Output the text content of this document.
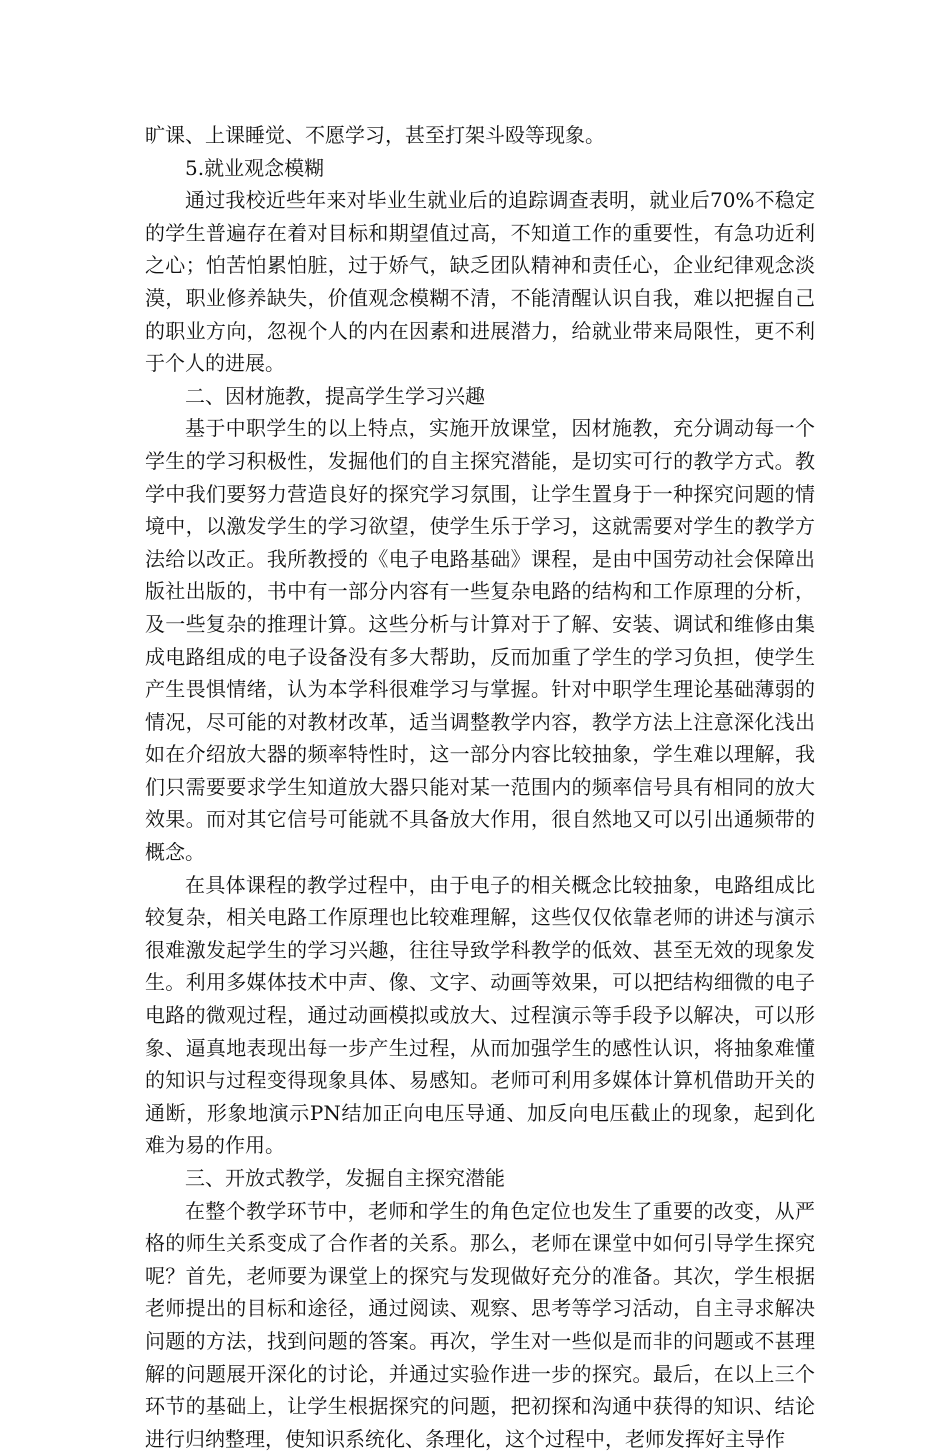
旷课、上课睡觉、不愿学习，甚至打架斗殴等现象。

5.就业观念模糊

通过我校近些年来对毕业生就业后的追踪调查表明，就业后70%不稳定的学生普遍存在着对目标和期望值过高，不知道工作的重要性，有急功近利之心；怕苦怕累怕脏，过于娇气，缺乏团队精神和责任心，企业纪律观念淡漠，职业修养缺失，价值观念模糊不清，不能清醒认识自我，难以把握自己的职业方向，忽视个人的内在因素和进展潜力，给就业带来局限性，更不利于个人的进展。

二、因材施教，提高学生学习兴趣

基于中职学生的以上特点，实施开放课堂，因材施教，充分调动每一个学生的学习积极性，发掘他们的自主探究潜能，是切实可行的教学方式。教学中我们要努力营造良好的探究学习氛围，让学生置身于一种探究问题的情境中，以激发学生的学习欲望，使学生乐于学习，这就需要对学生的教学方法给以改正。我所教授的《电子电路基础》课程，是由中国劳动社会保障出版社出版的，书中有一部分内容有一些复杂电路的结构和工作原理的分析，及一些复杂的推理计算。这些分析与计算对于了解、安装、调试和维修由集成电路组成的电子设备没有多大帮助，反而加重了学生的学习负担，使学生产生畏惧情绪，认为本学科很难学习与掌握。针对中职学生理论基础薄弱的情况，尽可能的对教材改革，适当调整教学内容，教学方法上注意深化浅出如在介绍放大器的频率特性时，这一部分内容比较抽象，学生难以理解，我们只需要要求学生知道放大器只能对某一范围内的频率信号具有相同的放大效果。而对其它信号可能就不具备放大作用，很自然地又可以引出通频带的概念。

在具体课程的教学过程中，由于电子的相关概念比较抽象，电路组成比较复杂，相关电路工作原理也比较难理解，这些仅仅依靠老师的讲述与演示很难激发起学生的学习兴趣，往往导致学科教学的低效、甚至无效的现象发生。利用多媒体技术中声、像、文字、动画等效果，可以把结构细微的电子电路的微观过程，通过动画模拟或放大、过程演示等手段予以解决，可以形象、逼真地表现出每一步产生过程，从而加强学生的感性认识，将抽象难懂的知识与过程变得现象具体、易感知。老师可利用多媒体计算机借助开关的通断，形象地演示PN结加正向电压导通、加反向电压截止的现象，起到化难为易的作用。

三、开放式教学，发掘自主探究潜能

在整个教学环节中，老师和学生的角色定位也发生了重要的改变，从严格的师生关系变成了合作者的关系。那么，老师在课堂中如何引导学生探究呢？首先，老师要为课堂上的探究与发现做好充分的准备。其次，学生根据老师提出的目标和途径，通过阅读、观察、思考等学习活动，自主寻求解决问题的方法，找到问题的答案。再次，学生对一些似是而非的问题或不甚理解的问题展开深化的讨论，并通过实验作进一步的探究。最后，在以上三个环节的基础上，让学生根据探究的问题，把初探和沟通中获得的知识、结论进行归纳整理，使知识系统化、条理化，这个过程中，老师发挥好主导作
